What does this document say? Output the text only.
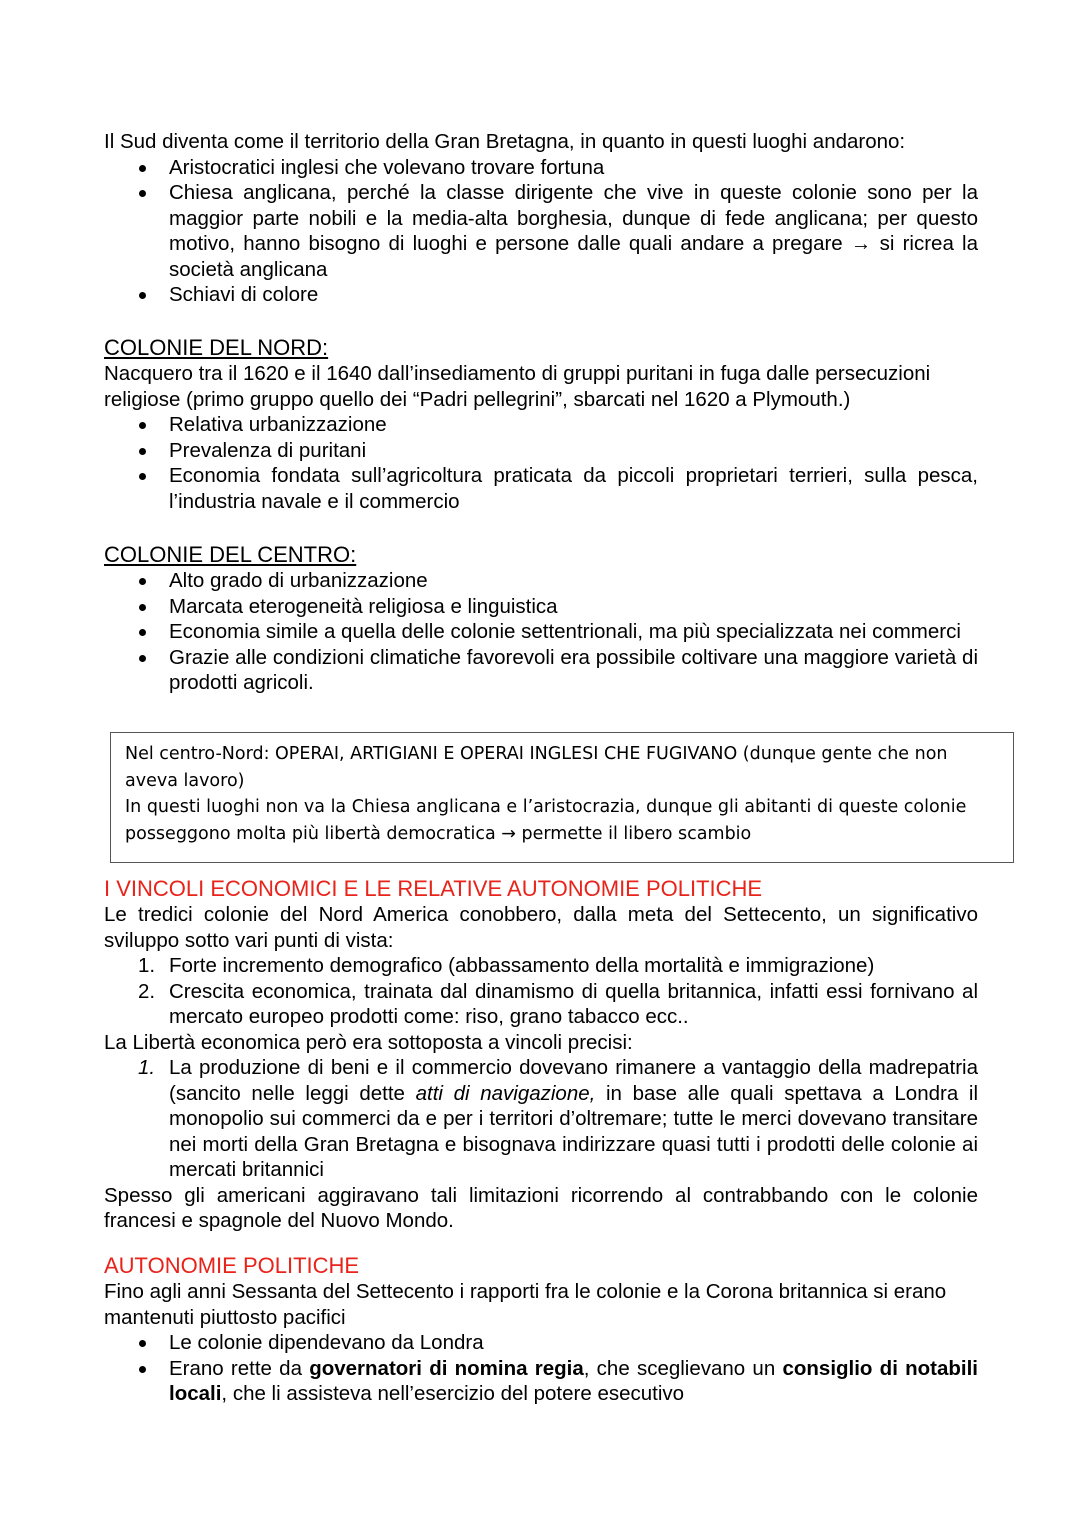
Il Sud diventa come il territorio della Gran Bretagna, in quanto in questi luoghi andarono:

Aristocratici inglesi che volevano trovare fortuna
Chiesa anglicana, perché la classe dirigente che vive in queste colonie sono per la maggior parte nobili e la media-alta borghesia, dunque di fede anglicana; per questo motivo, hanno bisogno di luoghi e persone dalle quali andare a pregare → si ricrea la società anglicana
Schiavi di colore

COLONIE DEL NORD:

Nacquero tra il 1620 e il 1640 dall’insediamento di gruppi puritani in fuga dalle persecuzioni religiose (primo gruppo quello dei “Padri pellegrini”, sbarcati nel 1620 a Plymouth.)

Relativa urbanizzazione
Prevalenza di puritani
Economia fondata sull’agricoltura praticata da piccoli proprietari terrieri, sulla pesca, l’industria navale e il commercio

COLONIE DEL CENTRO:

Alto grado di urbanizzazione
Marcata eterogeneità religiosa e linguistica
Economia simile a quella delle colonie settentrionali, ma più specializzata nei commerci
Grazie alle condizioni climatiche favorevoli era possibile coltivare una maggiore varietà di prodotti agricoli.

Nel centro-Nord: OPERAI, ARTIGIANI E OPERAI INGLESI CHE FUGIVANO (dunque gente che non aveva lavoro)

In questi luoghi non va la Chiesa anglicana e l’aristocrazia, dunque gli abitanti di queste colonie posseggono molta più libertà democratica → permette il libero scambio

I VINCOLI ECONOMICI E LE RELATIVE AUTONOMIE POLITICHE

Le tredici colonie del Nord America conobbero, dalla meta del Settecento, un significativo sviluppo sotto vari punti di vista:

1. Forte incremento demografico (abbassamento della mortalità e immigrazione)
2. Crescita economica, trainata dal dinamismo di quella britannica, infatti essi fornivano al mercato europeo prodotti come: riso, grano tabacco ecc..

La Libertà economica però era sottoposta a vincoli precisi:

1. La produzione di beni e il commercio dovevano rimanere a vantaggio della madrepatria (sancito nelle leggi dette atti di navigazione, in base alle quali spettava a Londra il monopolio sui commerci da e per i territori d’oltremare; tutte le merci dovevano transitare nei morti della Gran Bretagna e bisognava indirizzare quasi tutti i prodotti delle colonie ai mercati britannici

Spesso gli americani aggiravano tali limitazioni ricorrendo al contrabbando con le colonie francesi e spagnole del Nuovo Mondo.

AUTONOMIE POLITICHE

Fino agli anni Sessanta del Settecento i rapporti fra le colonie e la Corona britannica si erano mantenuti piuttosto pacifici

Le colonie dipendevano da Londra
Erano rette da governatori di nomina regia, che sceglievano un consiglio di notabili locali, che li assisteva nell’esercizio del potere esecutivo
